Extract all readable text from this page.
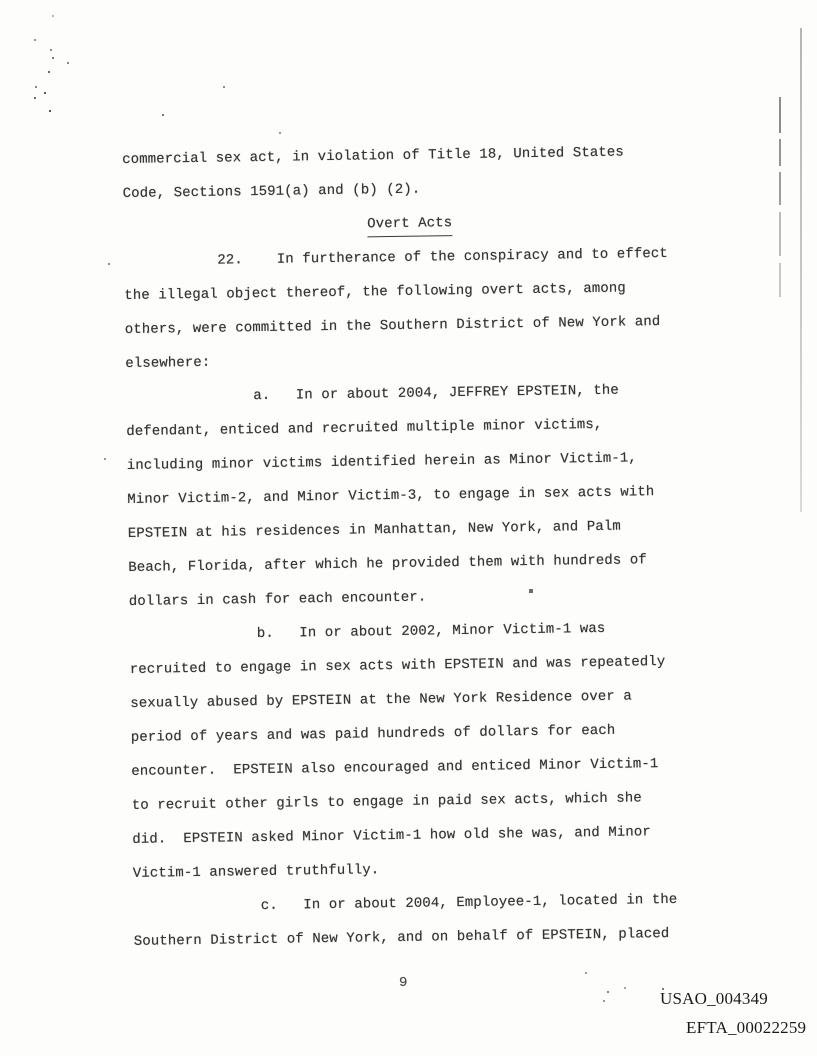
commercial sex act, in violation of Title 18, United States
Code, Sections 1591(a) and (b) (2).
Overt Acts
22.    In furtherance of the conspiracy and to effect
the illegal object thereof, the following overt acts, among
others, were committed in the Southern District of New York and
elsewhere:
a.   In or about 2004, JEFFREY EPSTEIN, the
defendant, enticed and recruited multiple minor victims,
including minor victims identified herein as Minor Victim-1,
Minor Victim-2, and Minor Victim-3, to engage in sex acts with
EPSTEIN at his residences in Manhattan, New York, and Palm
Beach, Florida, after which he provided them with hundreds of
dollars in cash for each encounter.
b.   In or about 2002, Minor Victim-1 was
recruited to engage in sex acts with EPSTEIN and was repeatedly
sexually abused by EPSTEIN at the New York Residence over a
period of years and was paid hundreds of dollars for each
encounter.  EPSTEIN also encouraged and enticed Minor Victim-1
to recruit other girls to engage in paid sex acts, which she
did.  EPSTEIN asked Minor Victim-1 how old she was, and Minor
Victim-1 answered truthfully.
c.   In or about 2004, Employee-1, located in the
Southern District of New York, and on behalf of EPSTEIN, placed
9
USAO_004349
EFTA_00022259
